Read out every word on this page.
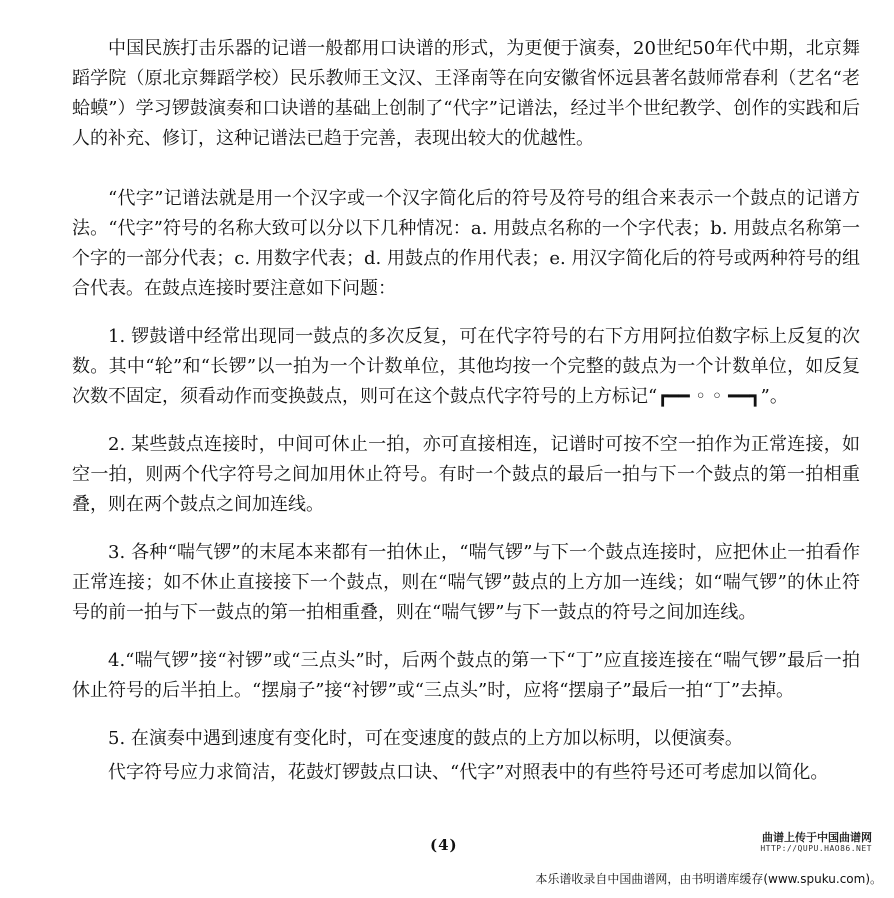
中国民族打击乐器的记谱一般都用口诀谱的形式，为更便于演奏，20世纪50年代中期，北京舞蹈学院（原北京舞蹈学校）民乐教师王文汉、王泽南等在向安徽省怀远县著名鼓师常春利（艺名“老蛤蟆”）学习锣鼓演奏和口诀谱的基础上创制了“代字”记谱法，经过半个世纪教学、创作的实践和后人的补充、修订，这种记谱法已趋于完善，表现出较大的优越性。

“代字”记谱法就是用一个汉字或一个汉字简化后的符号及符号的组合来表示一个鼓点的记谱方法。“代字”符号的名称大致可以分以下几种情况：a. 用鼓点名称的一个字代表；b. 用鼓点名称第一个字的一部分代表；c. 用数字代表；d. 用鼓点的作用代表；e. 用汉字简化后的符号或两种符号的组合代表。在鼓点连接时要注意如下问题：

1. 锣鼓谱中经常出现同一鼓点的多次反复，可在代字符号的右下方用阿拉伯数字标上反复的次数。其中“轮”和“长锣”以一拍为一个计数单位，其他均按一个完整的鼓点为一个计数单位，如反复次数不固定，须看动作而变换鼓点，则可在这个鼓点代字符号的上方标记“┏━━ ◦ ◦ ━━┓”。

2. 某些鼓点连接时，中间可休止一拍，亦可直接相连，记谱时可按不空一拍作为正常连接，如空一拍，则两个代字符号之间加用休止符号。有时一个鼓点的最后一拍与下一个鼓点的第一拍相重叠，则在两个鼓点之间加连线。

3. 各种“喘气锣”的末尾本来都有一拍休止，“喘气锣”与下一个鼓点连接时，应把休止一拍看作正常连接；如不休止直接接下一个鼓点，则在“喘气锣”鼓点的上方加一连线；如“喘气锣”的休止符号的前一拍与下一鼓点的第一拍相重叠，则在“喘气锣”与下一鼓点的符号之间加连线。

4.“喘气锣”接“衬锣”或“三点头”时，后两个鼓点的第一下“丁”应直接连接在“喘气锣”最后一拍休止符号的后半拍上。“摆扇子”接“衬锣”或“三点头”时，应将“摆扇子”最后一拍“丁”去掉。

5. 在演奏中遇到速度有变化时，可在变速度的鼓点的上方加以标明，以便演奏。

代字符号应力求简洁，花鼓灯锣鼓点口诀、“代字”对照表中的有些符号还可考虑加以简化。

(4)	曲谱上传于中国曲谱网
HTTP://QUPU.HAO86.NET
本乐谱收录自中国曲谱网，由书明谱库缓存(www.spuku.com)。
